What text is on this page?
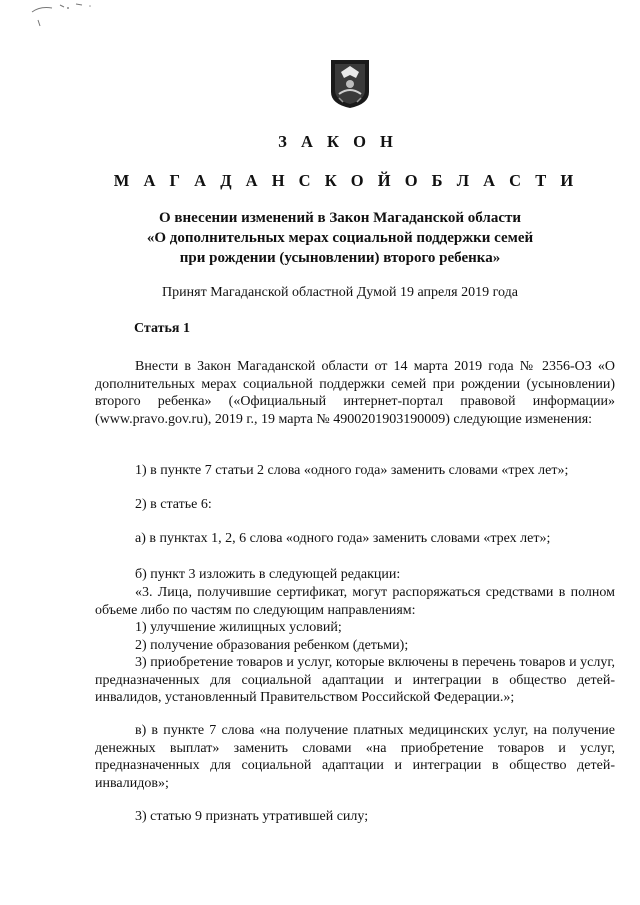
З А К О Н
М А Г А Д А Н С К О Й О Б Л А С Т И
О внесении изменений в Закон Магаданской области
«О дополнительных мерах социальной поддержки семей
при рождении (усыновлении) второго ребенка»
Принят Магаданской областной Думой 19 апреля 2019 года
Статья 1
Внести в Закон Магаданской области от 14 марта 2019 года № 2356-ОЗ «О дополнительных мерах социальной поддержки семей при рождении (усыновлении) второго ребенка» («Официальный интернет-портал правовой информации» (www.pravo.gov.ru), 2019 г., 19 марта № 4900201903190009) следующие изменения:
1) в пункте 7 статьи 2 слова «одного года» заменить словами «трех лет»;
2) в статье 6:
а) в пунктах 1, 2, 6 слова «одного года» заменить словами «трех лет»;
б) пункт 3 изложить в следующей редакции:
«3. Лица, получившие сертификат, могут распоряжаться средствами в полном объеме либо по частям по следующим направлениям:
1) улучшение жилищных условий;
2) получение образования ребенком (детьми);
3) приобретение товаров и услуг, которые включены в перечень товаров и услуг, предназначенных для социальной адаптации и интеграции в общество детей-инвалидов, установленный Правительством Российской Федерации.»;
в) в пункте 7 слова «на получение платных медицинских услуг, на получение денежных выплат» заменить словами «на приобретение товаров и услуг, предназначенных для социальной адаптации и интеграции в общество детей-инвалидов»;
3) статью 9 признать утратившей силу;
